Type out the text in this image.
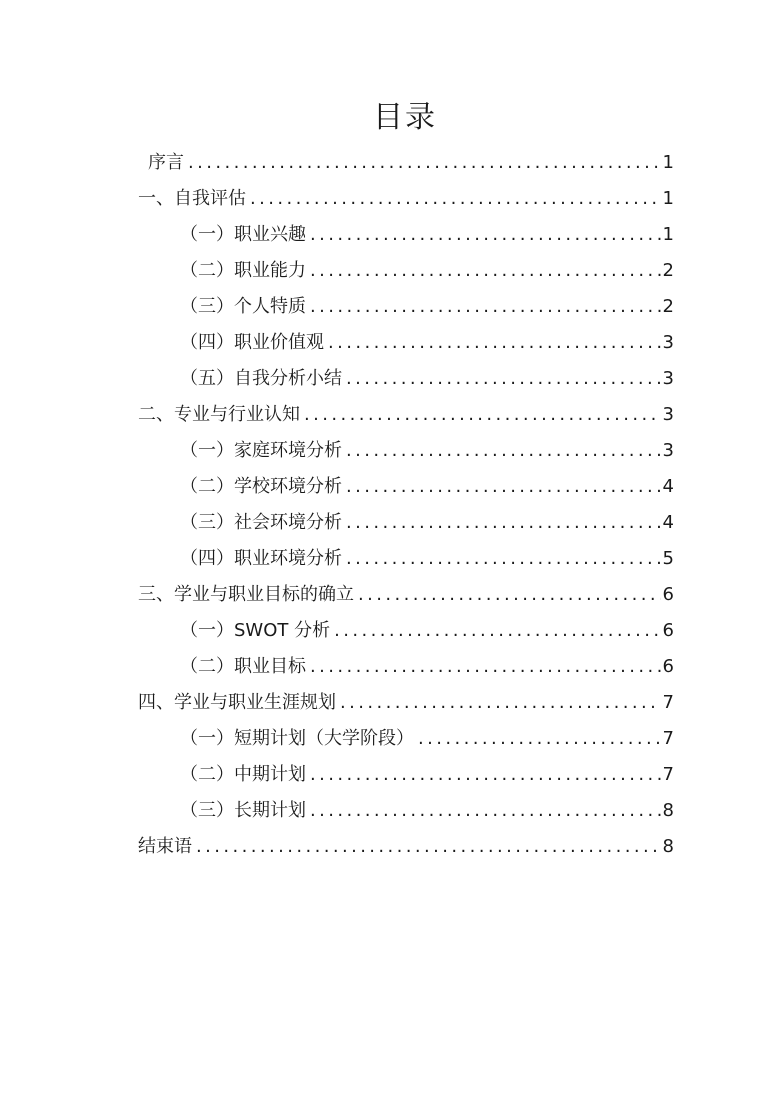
目录
序言 .....	1
一、自我评估 .....	1
（一）职业兴趣 .....	1
（二）职业能力 .....	2
（三）个人特质 .....	2
（四）职业价值观 .....	3
（五）自我分析小结 .....	3
二、专业与行业认知 .....	3
（一）家庭环境分析 .....	3
（二）学校环境分析 .....	4
（三）社会环境分析 .....	4
（四）职业环境分析 .....	5
三、学业与职业目标的确立 .....	6
（一）SWOT 分析 .....	6
（二）职业目标 .....	6
四、学业与职业生涯规划 .....	7
（一）短期计划（大学阶段） .....	7
（二）中期计划 .....	7
（三）长期计划 .....	8
结束语 .....	8
